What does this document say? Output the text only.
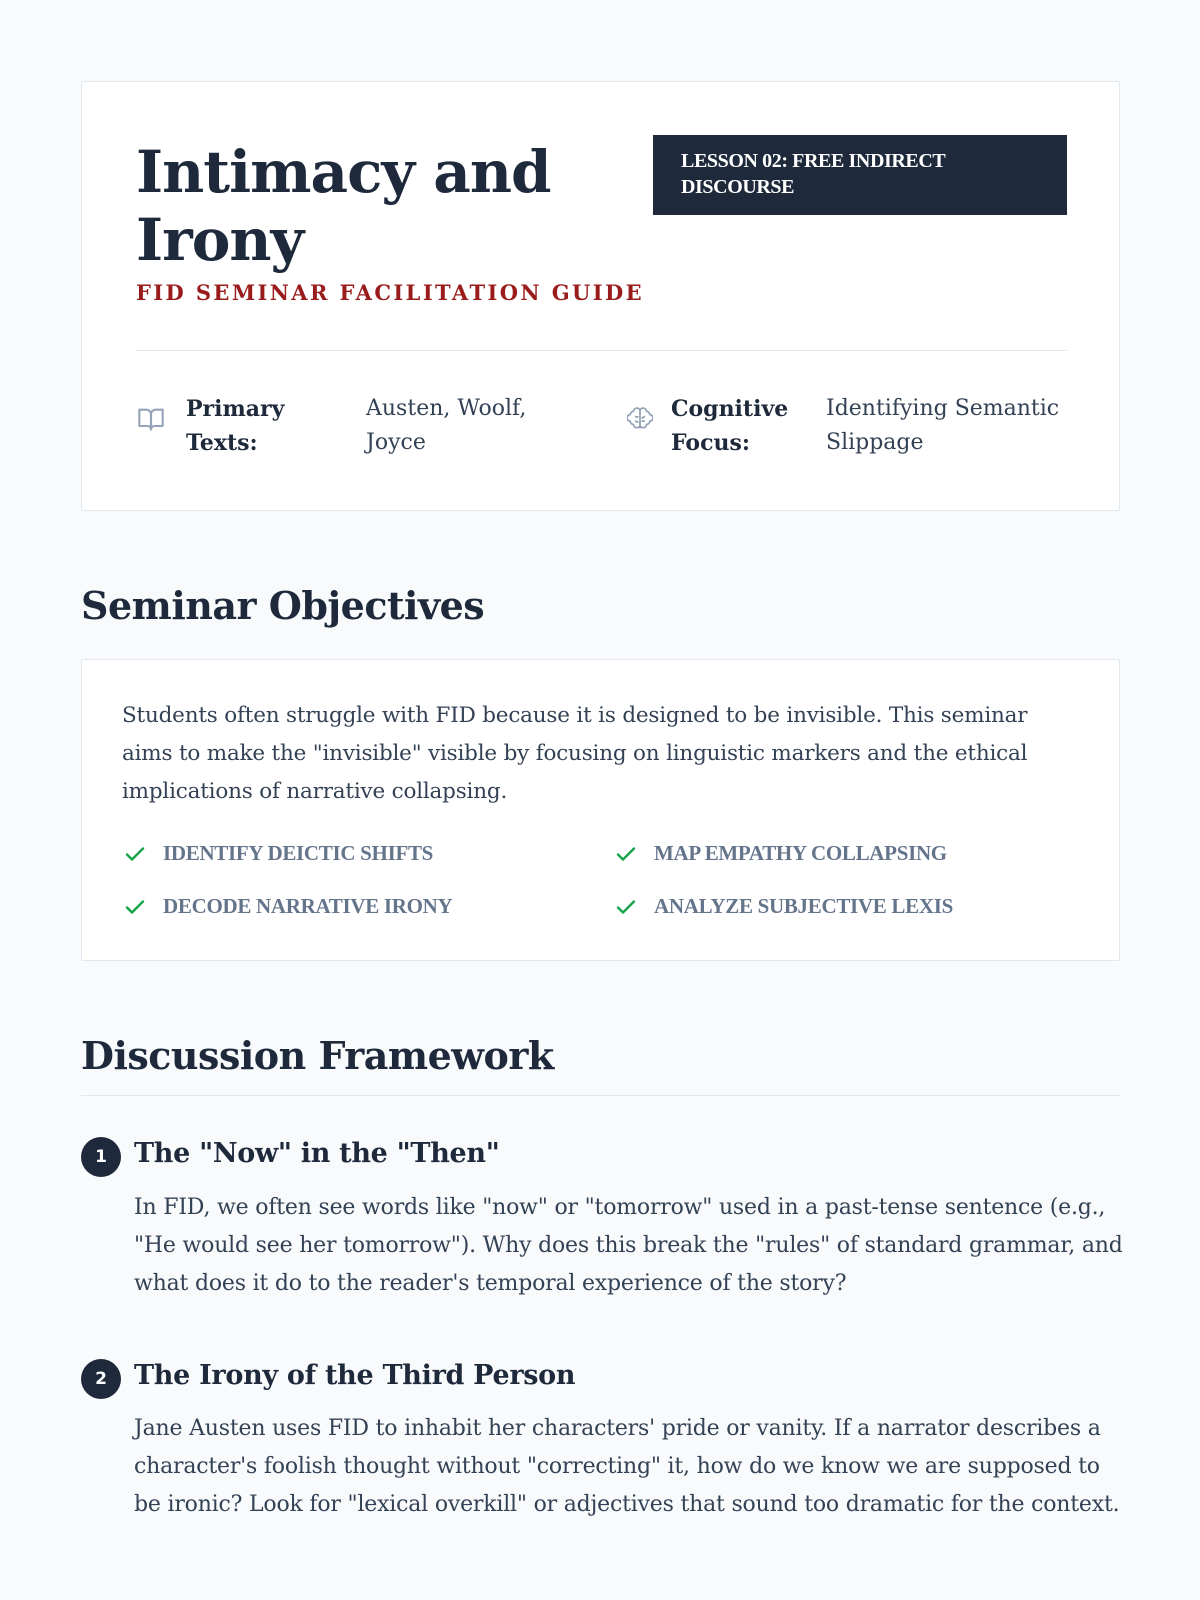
Intimacy and Irony
FID SEMINAR FACILITATION GUIDE
LESSON 02: FREE INDIRECT DISCOURSE
Primary Texts:
Austen, Woolf, Joyce
Cognitive Focus:
Identifying Semantic Slippage
Seminar Objectives

Students often struggle with FID because it is designed to be invisible. This seminar aims to make the "invisible" visible by focusing on linguistic markers and the ethical implications of narrative collapsing.

IDENTIFY DEICTIC SHIFTS	MAP EMPATHY COLLAPSING
DECODE NARRATIVE IRONY	ANALYZE SUBJECTIVE LEXIS
Discussion Framework
1	The "Now" in the "Then"

In FID, we often see words like "now" or "tomorrow" used in a past-tense sentence (e.g., "He would see her tomorrow"). Why does this break the "rules" of standard grammar, and what does it do to the reader's temporal experience of the story?

2	The Irony of the Third Person

Jane Austen uses FID to inhabit her characters' pride or vanity. If a narrator describes a character's foolish thought without "correcting" it, how do we know we are supposed to be ironic? Look for "lexical overkill" or adjectives that sound too dramatic for the context.
